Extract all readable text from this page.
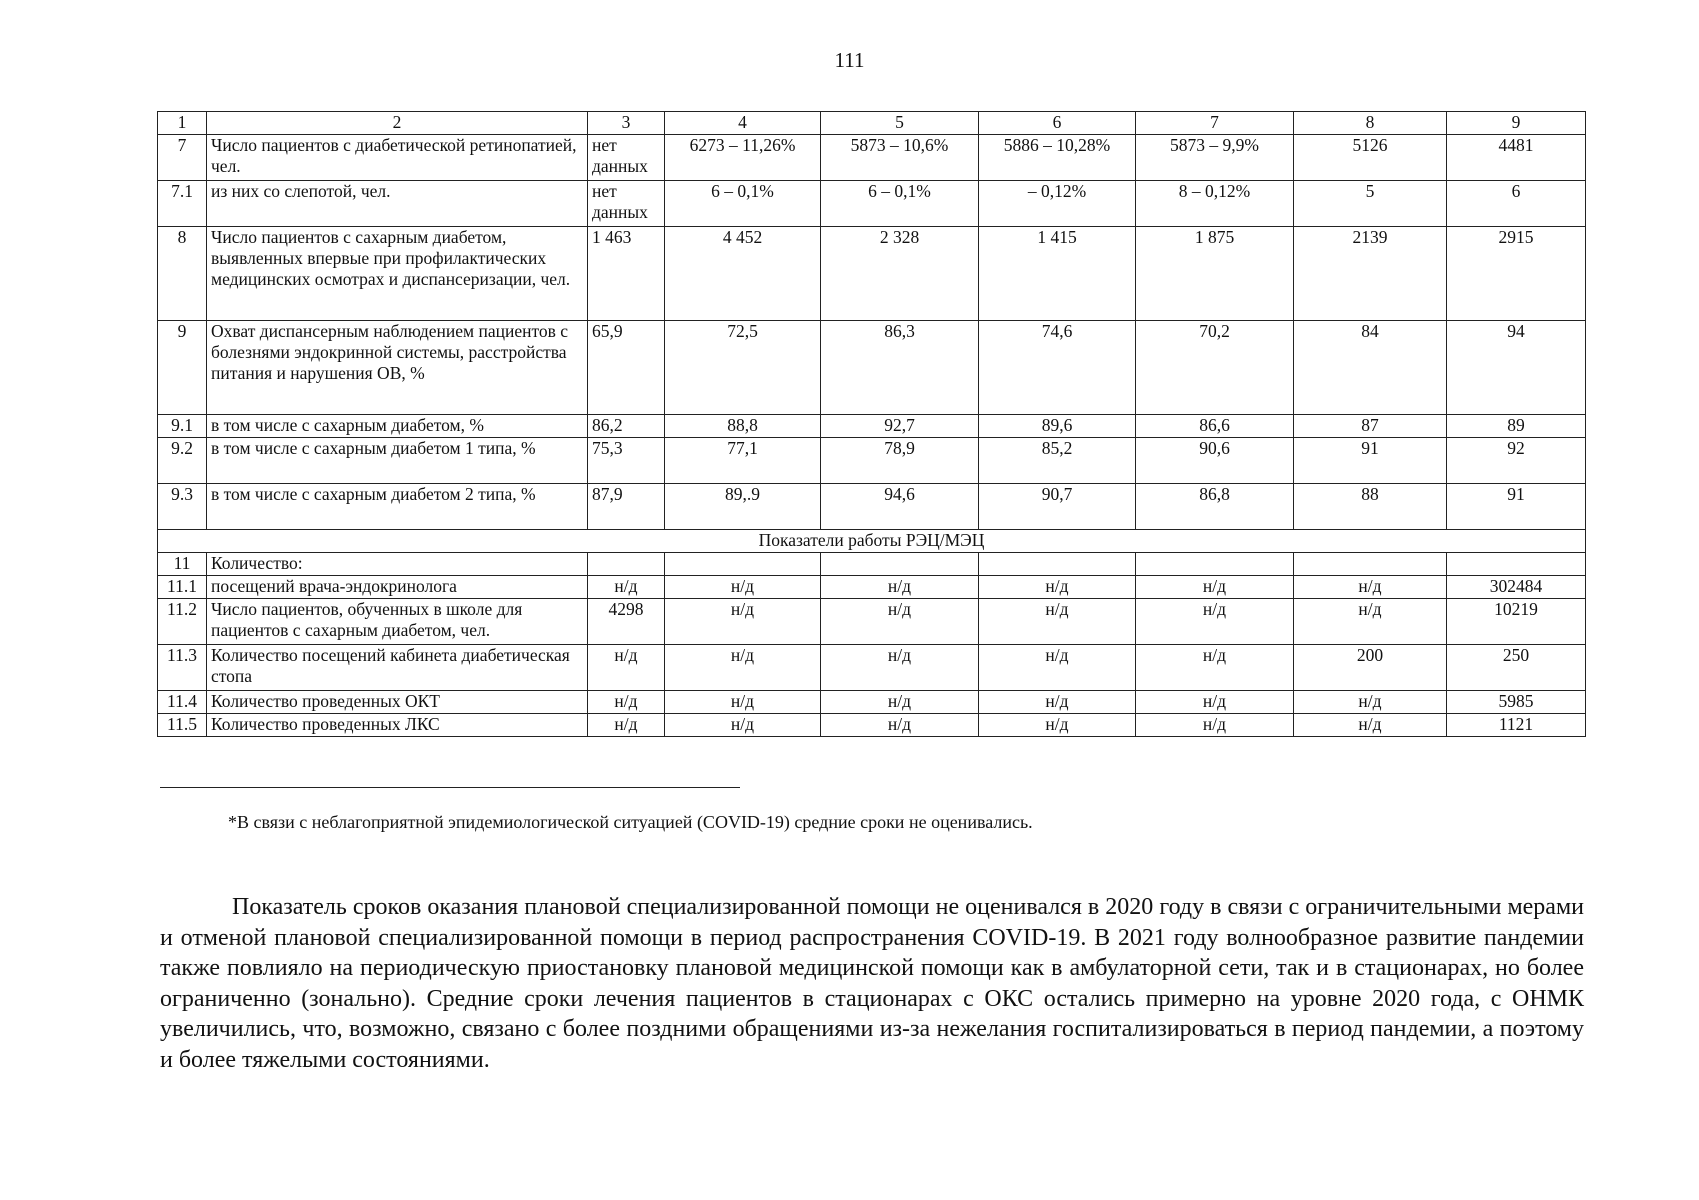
111
1	2	3	4	5	6	7	8	9
7	Число пациентов с диабетической ретинопатией, чел.	нет данных	6273 – 11,26%	5873 – 10,6%	5886 – 10,28%	5873 – 9,9%	5126	4481
7.1	из них со слепотой, чел.	нет данных	6 – 0,1%	6 – 0,1%	– 0,12%	8 – 0,12%	5	6
8	Число пациентов с сахарным диабетом, выявленных впервые при профилактических медицинских осмотрах и диспансеризации, чел.	1 463	4 452	2 328	1 415	1 875	2139	2915
9	Охват диспансерным наблюдением пациентов с болезнями эндокринной системы, расстройства питания и нарушения ОВ, %	65,9	72,5	86,3	74,6	70,2	84	94
9.1	в том числе с сахарным диабетом, %	86,2	88,8	92,7	89,6	86,6	87	89
9.2	в том числе с сахарным диабетом 1 типа, %	75,3	77,1	78,9	85,2	90,6	91	92
9.3	в том числе с сахарным диабетом 2 типа, %	87,9	89,.9	94,6	90,7	86,8	88	91
Показатели работы РЭЦ/МЭЦ								
11	Количество:							
11.1	посещений врача-эндокринолога	н/д	н/д	н/д	н/д	н/д	н/д	302484
11.2	Число пациентов, обученных в школе для пациентов с сахарным диабетом, чел.	4298	н/д	н/д	н/д	н/д	н/д	10219
11.3	Количество посещений кабинета диабетическая стопа	н/д	н/д	н/д	н/д	н/д	200	250
11.4	Количество проведенных ОКТ	н/д	н/д	н/д	н/д	н/д	н/д	5985
11.5	Количество проведенных ЛКС	н/д	н/д	н/д	н/д	н/д	н/д	1121
*В связи с неблагоприятной эпидемиологической ситуацией (COVID-19) средние сроки не оценивались.

Показатель сроков оказания плановой специализированной помощи не оценивался в 2020 году в связи с ограничительными мерами и отменой плановой специализированной помощи в период распространения COVID-19. В 2021 году волнообразное развитие пандемии также повлияло на периодическую приостановку плановой медицинской помощи как в амбулаторной сети, так и в стационарах, но более ограниченно (зонально). Средние сроки лечения пациентов в стационарах с ОКС остались примерно на уровне 2020 года, с ОНМК увеличились, что, возможно, связано с более поздними обращениями из-за нежелания госпитализироваться в период пандемии, а поэтому и более тяжелыми состояниями.
